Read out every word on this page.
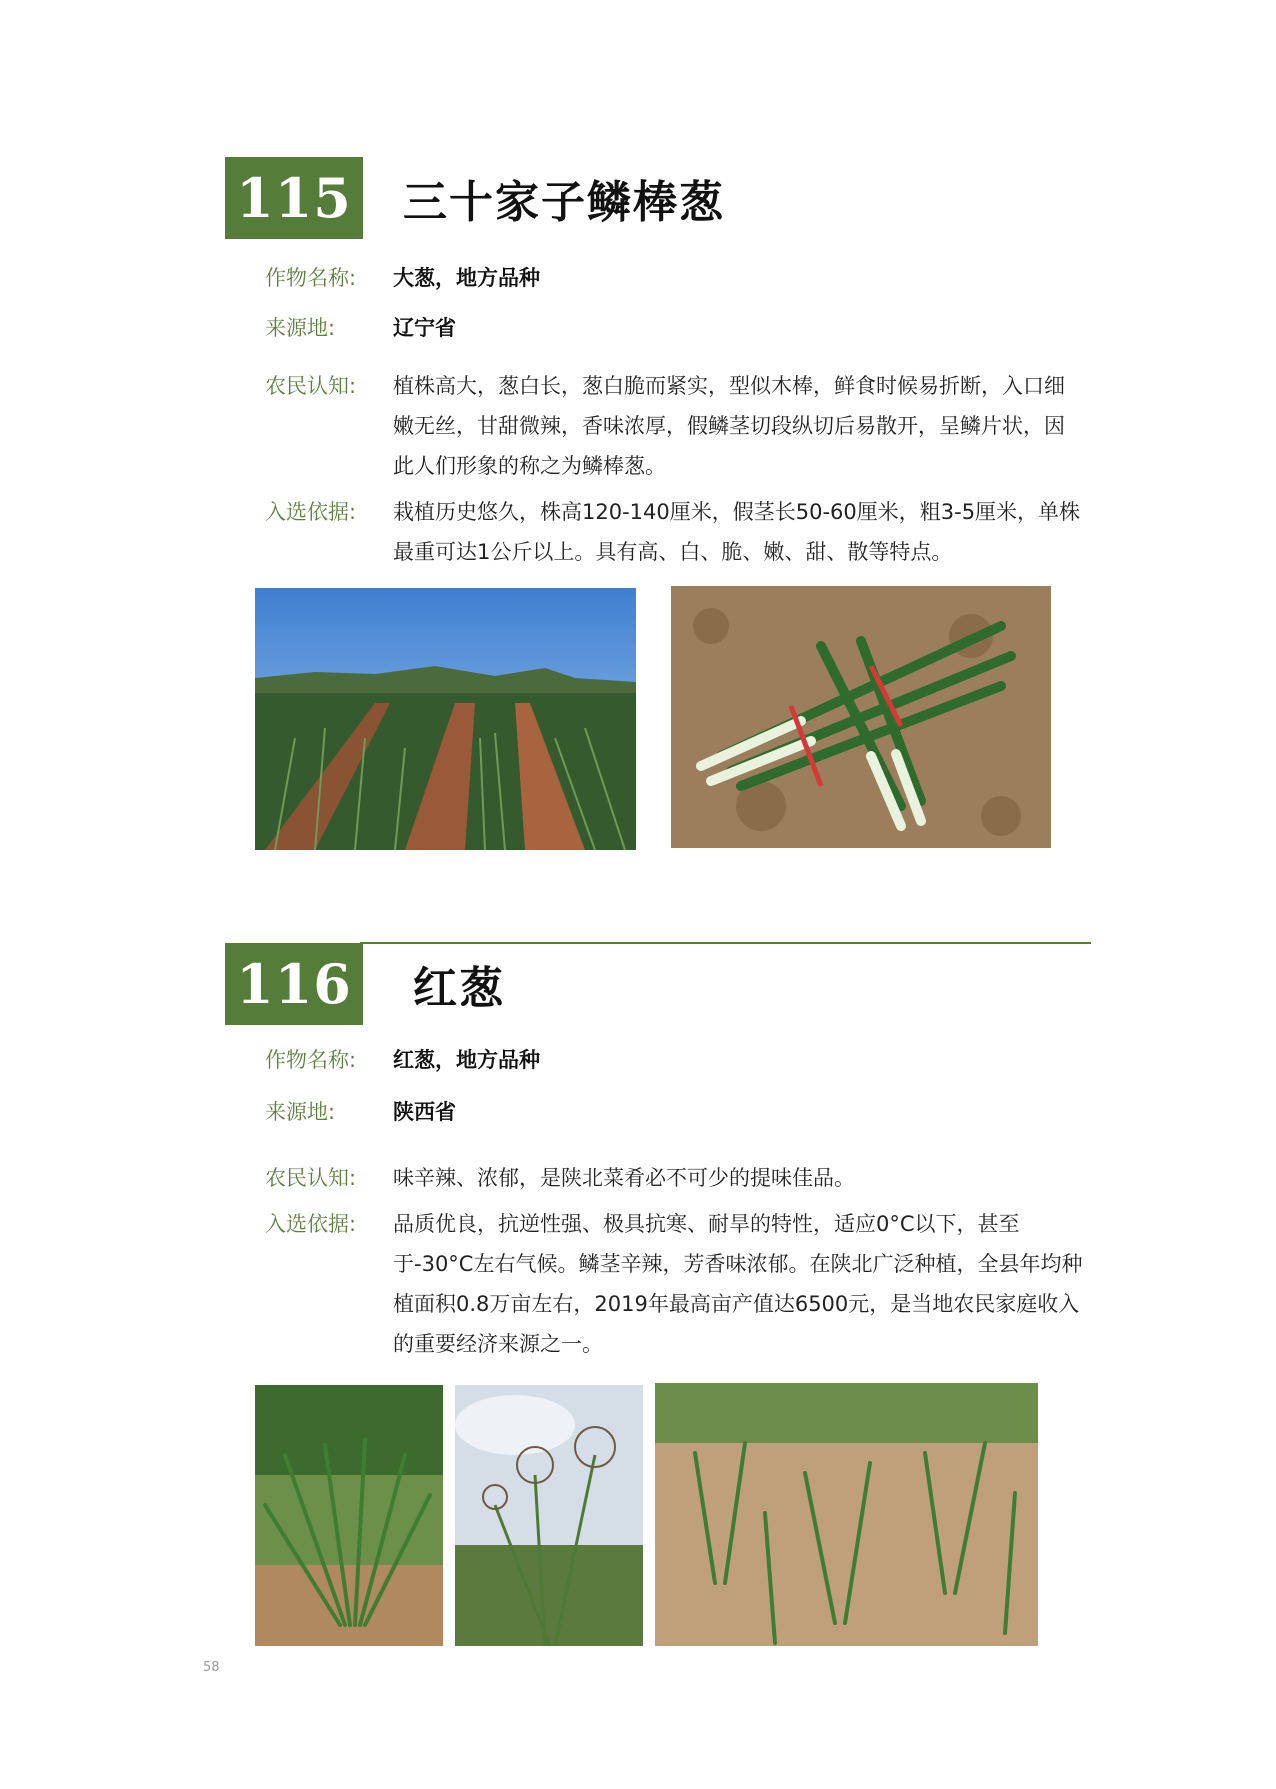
115 三十家子鳞棒葱
作物名称:	大葱，地方品种
来源地:	辽宁省
农民认知:	植株高大，葱白长，葱白脆而紧实，型似木棒，鲜食时候易折断，入口细嫩无丝，甘甜微辣，香味浓厚，假鳞茎切段纵切后易散开，呈鳞片状，因此人们形象的称之为鳞棒葱。
入选依据:	栽植历史悠久，株高120-140厘米，假茎长50-60厘米，粗3-5厘米，单株最重可达1公斤以上。具有高、白、脆、嫩、甜、散等特点。
116 红葱
作物名称:	红葱，地方品种
来源地:	陕西省
农民认知:	味辛辣、浓郁，是陕北菜肴必不可少的提味佳品。
入选依据:	品质优良，抗逆性强、极具抗寒、耐旱的特性，适应0°C以下，甚至于-30°C左右气候。鳞茎辛辣，芳香味浓郁。在陕北广泛种植，全县年均种植面积0.8万亩左右，2019年最高亩产值达6500元，是当地农民家庭收入的重要经济来源之一。
58
